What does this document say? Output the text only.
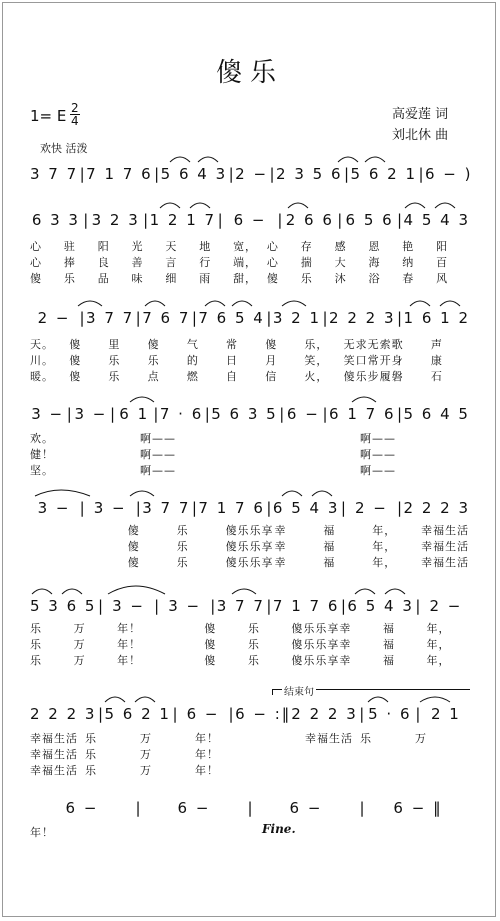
傻乐
高爱莲 词
刘北休 曲
1= E $\frac{2}{4}$
欢快 活泼
3 7 7 | 7 1 7 6 | 5 6 4 3 | 2 − | 2 3 5 6 | 5 6 2 1 | 6 − )
6 3 3 | 3 2 3 | 1 2 1 7 | 6 − | 2 6 6 | 6 5 6 | 4 5 4 3
2 − | 3 7 7 | 7 6 7 | 7 6 5 4 | 3 2 1 | 2 2 2 3 | 1 6 1 2
3 − | 3 − | 6 1 | 7 · 6 | 5 6 3 5 | 6 − | 6 1 7 6 | 5 6 4 5
3 − | 3 − | 3 7 7 | 7 1 7 6 | 6 5 4 3 | 2 − | 2 2 2 3
5 3 6 5 | 3 − | 3 − | 3 7 7 | 7 1 7 6 | 6 5 4 3 | 2 −
2 2 2 3 | 5 6 2 1 | 6 − | 6 − :‖ 2 2 2 3 | 5 · 6 | 2 1
6 −	|	6 −	|	6 −	|	6 − ‖
结束句
Fine.
心	驻	阳	光	天	地	宽， 心	存	感	恩	艳	阳
心	捧	良	善	言	行	端， 心	揣	大	海	纳	百
傻	乐	品	味	细	雨	甜， 傻	乐	沐	浴	春	风
天。	傻	里	傻	气	常	傻	乐，	无求无索 歌	声
川。	傻	乐	乐	的	日	月	笑，	笑口常开 身	康
暖。	傻	乐	点	燃	自	信	火，	傻乐步履 磐	石
欢。	啊——	啊——
健！	啊——	啊——
坚。	啊——	啊——
傻	乐	傻乐乐享 幸	福	年，	幸福生活
傻	乐	傻乐乐享 幸	福	年，	幸福生活
傻	乐	傻乐乐享 幸	福	年，	幸福生活
乐	万	年！	傻	乐	傻乐乐享 幸	福	年，
乐	万	年！	傻	乐	傻乐乐享 幸	福	年，
乐	万	年！	傻	乐	傻乐乐享 幸	福	年，
幸福生活 乐	万	年！	幸福生活 乐	万
幸福生活 乐	万	年！
幸福生活 乐	万	年！
年！
